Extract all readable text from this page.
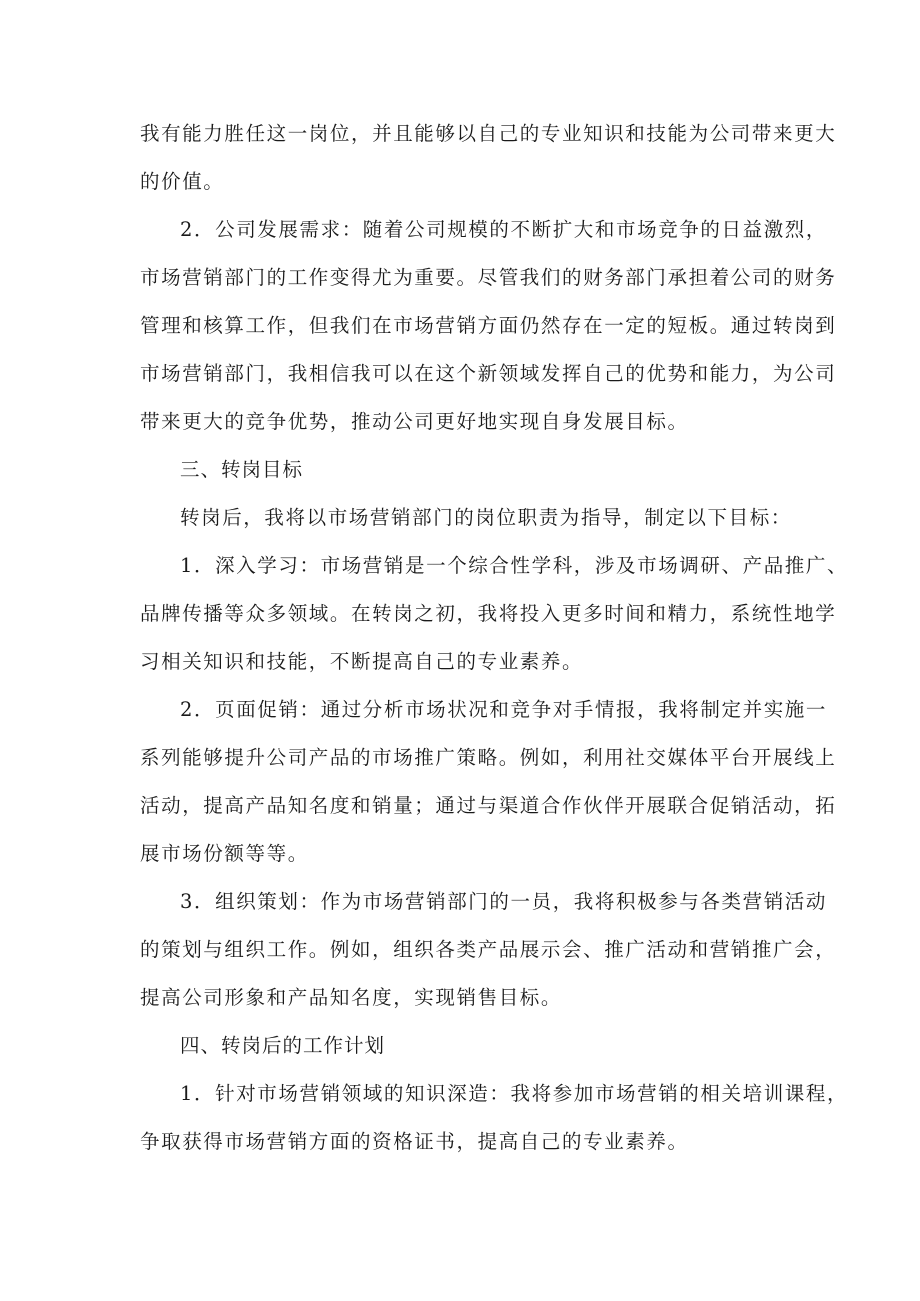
我有能力胜任这一岗位，并且能够以自己的专业知识和技能为公司带来更大
的价值。
2．公司发展需求：随着公司规模的不断扩大和市场竞争的日益激烈，
市场营销部门的工作变得尤为重要。尽管我们的财务部门承担着公司的财务
管理和核算工作，但我们在市场营销方面仍然存在一定的短板。通过转岗到
市场营销部门，我相信我可以在这个新领域发挥自己的优势和能力，为公司
带来更大的竞争优势，推动公司更好地实现自身发展目标。
三、转岗目标
转岗后，我将以市场营销部门的岗位职责为指导，制定以下目标：
1．深入学习：市场营销是一个综合性学科，涉及市场调研、产品推广、
品牌传播等众多领域。在转岗之初，我将投入更多时间和精力，系统性地学
习相关知识和技能，不断提高自己的专业素养。
2．页面促销：通过分析市场状况和竞争对手情报，我将制定并实施一
系列能够提升公司产品的市场推广策略。例如，利用社交媒体平台开展线上
活动，提高产品知名度和销量；通过与渠道合作伙伴开展联合促销活动，拓
展市场份额等等。
3．组织策划：作为市场营销部门的一员，我将积极参与各类营销活动
的策划与组织工作。例如，组织各类产品展示会、推广活动和营销推广会，
提高公司形象和产品知名度，实现销售目标。
四、转岗后的工作计划
1．针对市场营销领域的知识深造：我将参加市场营销的相关培训课程，
争取获得市场营销方面的资格证书，提高自己的专业素养。
